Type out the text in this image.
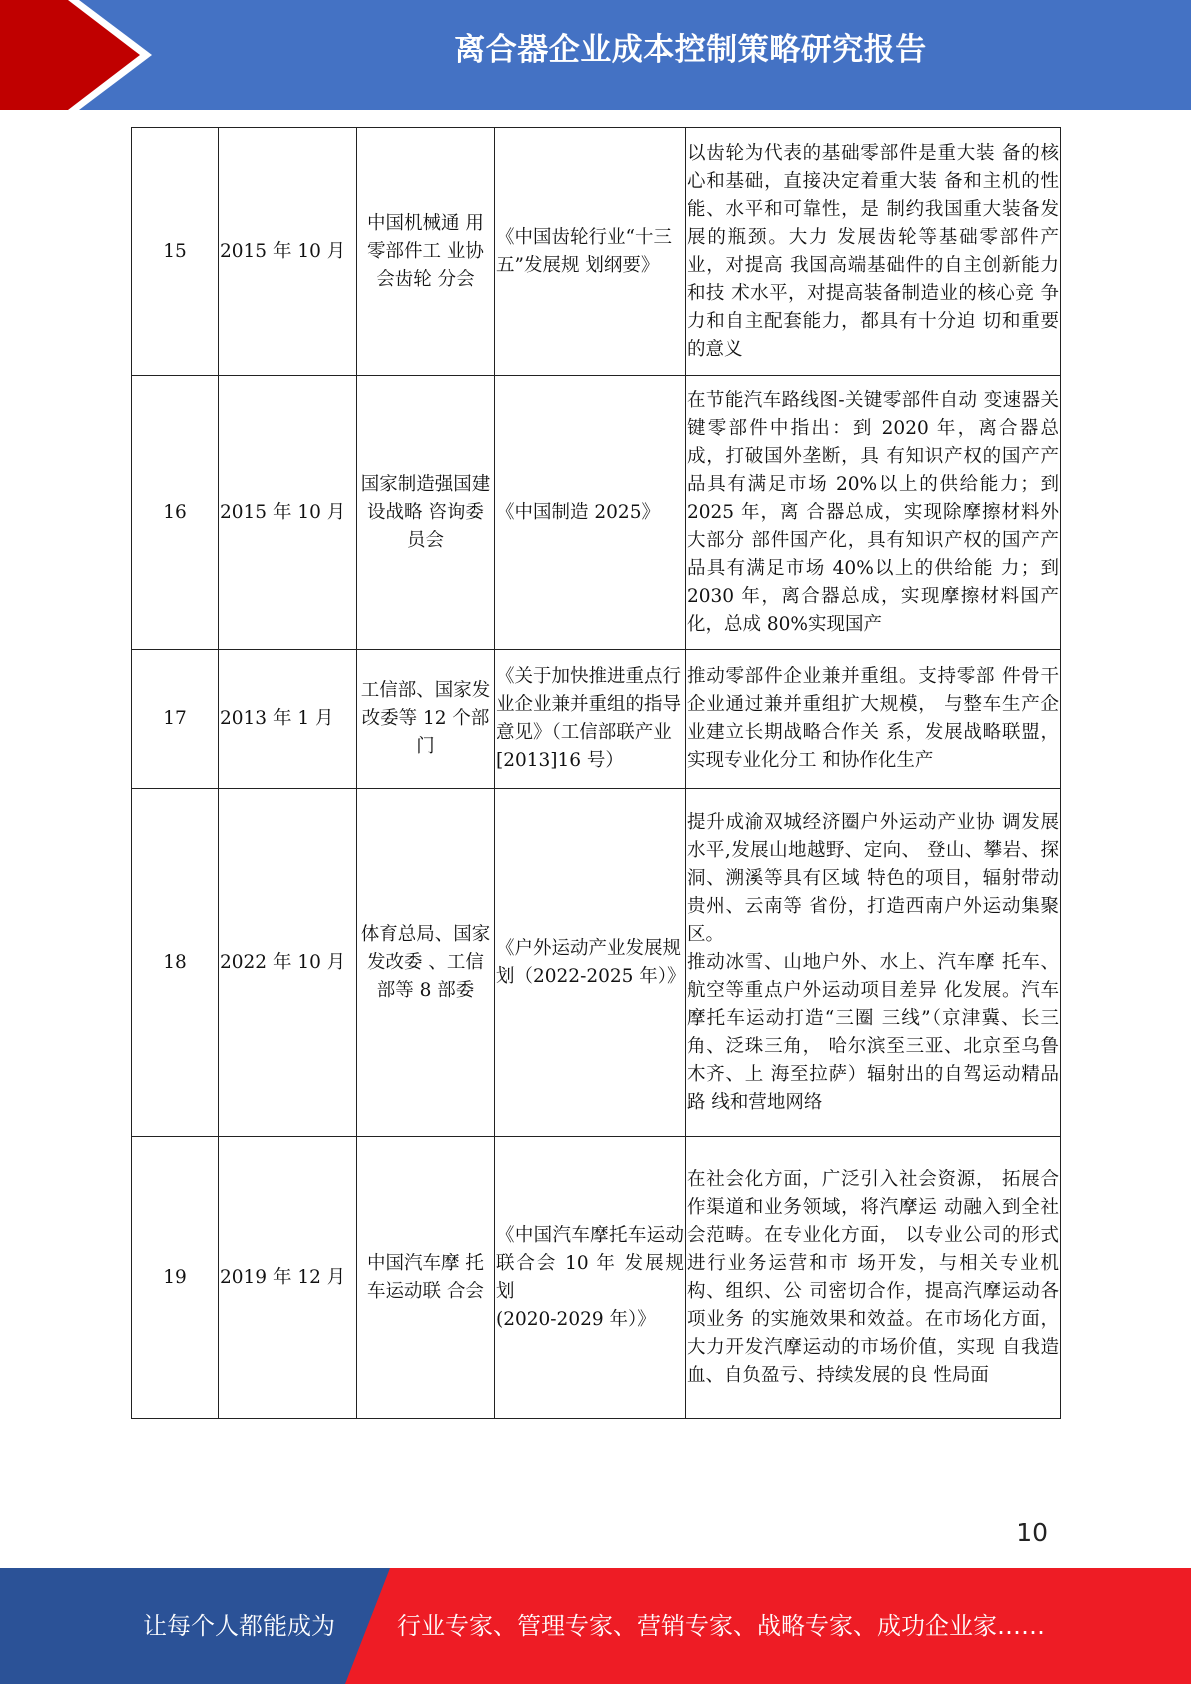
离合器企业成本控制策略研究报告
15	2015 年 10 月	中国机械通 用零部件工 业协会齿轮 分会	《中国齿轮行业“十三五”发展规 划纲要》	以齿轮为代表的基础零部件是重大装 备的核心和基础，直接决定着重大装 备和主机的性能、水平和可靠性，是 制约我国重大装备发展的瓶颈。大力 发展齿轮等基础零部件产业，对提高 我国高端基础件的自主创新能力和技 术水平，对提高装备制造业的核心竞 争力和自主配套能力，都具有十分迫 切和重要的意义
16	2015 年 10 月	国家制造强国建设战略 咨询委员会	《中国制造 2025》	在节能汽车路线图-关键零部件自动 变速器关键零部件中指出：到 2020 年，离合器总成，打破国外垄断，具 有知识产权的国产产品具有满足市场 20%以上的供给能力；到 2025 年，离 合器总成，实现除摩擦材料外大部分 部件国产化，具有知识产权的国产产 品具有满足市场 40%以上的供给能 力；到 2030 年，离合器总成，实现摩擦材料国产化，总成 80%实现国产
17	2013 年 1 月	工信部、国家发改委等 12 个部门	《关于加快推进重点行业企业兼并重组的指导意见》（工信部联产业 [2013]16 号）	推动零部件企业兼并重组。支持零部 件骨干企业通过兼并重组扩大规模， 与整车生产企业建立长期战略合作关 系，发展战略联盟，实现专业化分工 和协作化生产
18	2022 年 10 月	体育总局、国家发改委 、工信部等 8 部委	《户外运动产业发展规划（2022-2025 年）》	提升成渝双城经济圈户外运动产业协 调发展水平,发展山地越野、定向、 登山、攀岩、探洞、溯溪等具有区域 特色的项目，辐射带动贵州、云南等 省份，打造西南户外运动集聚区。
推动冰雪、山地户外、水上、汽车摩 托车、航空等重点户外运动项目差异 化发展。汽车摩托车运动打造“三圈 三线”（京津冀、长三角、泛珠三角， 哈尔滨至三亚、北京至乌鲁木齐、上 海至拉萨）辐射出的自驾运动精品路 线和营地网络

19	2019 年 12 月	中国汽车摩 托车运动联 合会	《中国汽车摩托车运动联合会 10 年 发展规划
(2020-2029 年）》	在社会化方面，广泛引入社会资源， 拓展合作渠道和业务领域，将汽摩运 动融入到全社会范畴。在专业化方面， 以专业公司的形式进行业务运营和市 场开发，与相关专业机构、组织、公 司密切合作，提高汽摩运动各项业务 的实施效果和效益。在市场化方面， 大力开发汽摩运动的市场价值，实现 自我造血、自负盈亏、持续发展的良 性局面
10
让每个人都能成为	行业专家、管理专家、营销专家、战略专家、成功企业家……
